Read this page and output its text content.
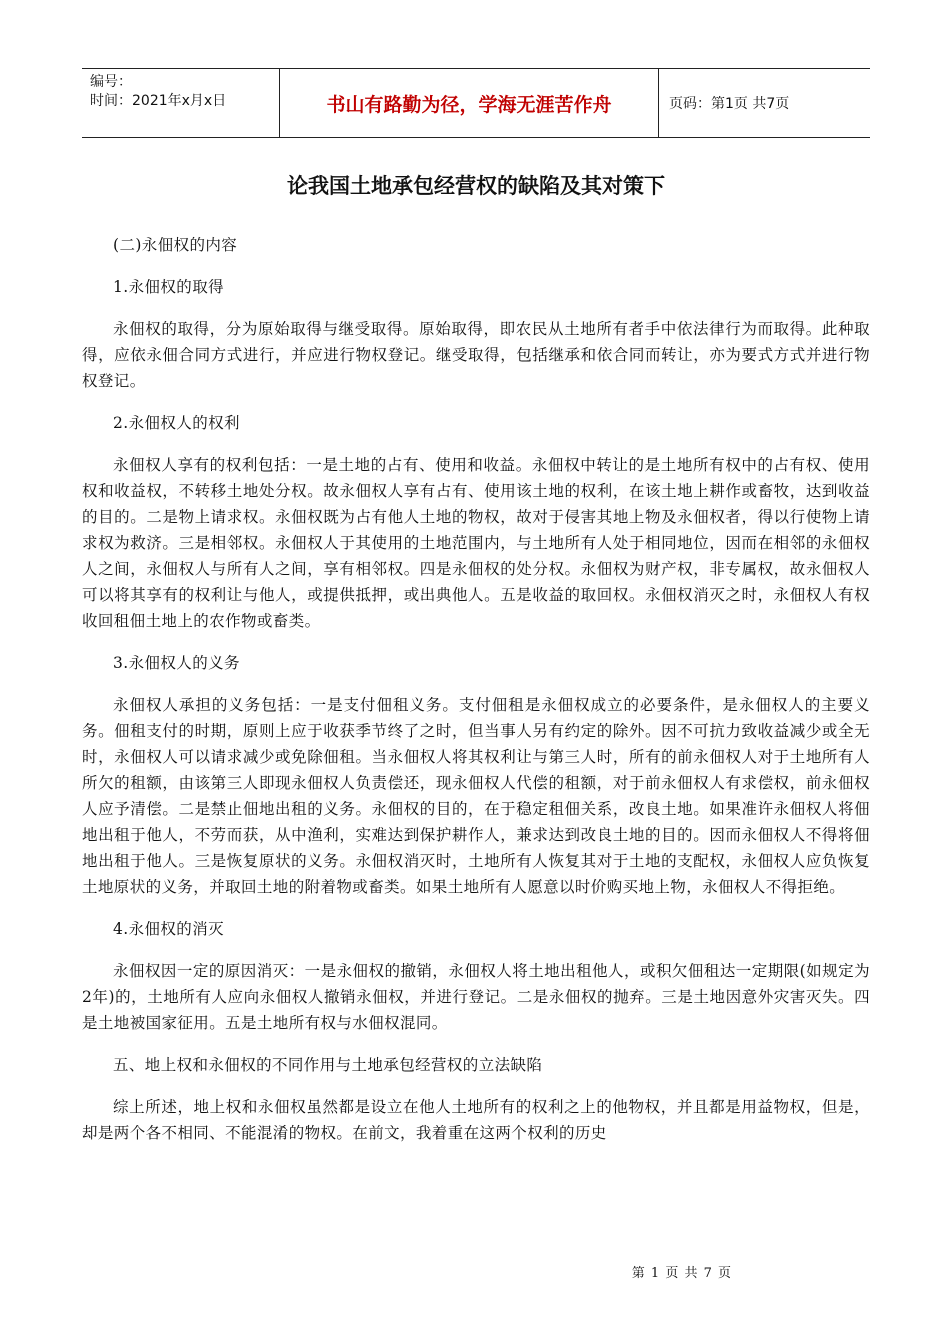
编号：
时间：2021年x月x日	书山有路勤为径，学海无涯苦作舟	页码：第1页 共7页
论我国土地承包经营权的缺陷及其对策下

(二)永佃权的内容

1.永佃权的取得

永佃权的取得，分为原始取得与继受取得。原始取得，即农民从土地所有者手中依法律行为而取得。此种取得，应依永佃合同方式进行，并应进行物权登记。继受取得，包括继承和依合同而转让，亦为要式方式并进行物权登记。

2.永佃权人的权利

永佃权人享有的权利包括：一是土地的占有、使用和收益。永佃权中转让的是土地所有权中的占有权、使用权和收益权，不转移土地处分权。故永佃权人享有占有、使用该土地的权利，在该土地上耕作或畜牧，达到收益的目的。二是物上请求权。永佃权既为占有他人土地的物权，故对于侵害其地上物及永佃权者，得以行使物上请求权为救济。三是相邻权。永佃权人于其使用的土地范围内，与土地所有人处于相同地位，因而在相邻的永佃权人之间，永佃权人与所有人之间，享有相邻权。四是永佃权的处分权。永佃权为财产权，非专属权，故永佃权人可以将其享有的权利让与他人，或提供抵押，或出典他人。五是收益的取回权。永佃权消灭之时，永佃权人有权收回租佃土地上的农作物或畜类。

3.永佃权人的义务

永佃权人承担的义务包括：一是支付佃租义务。支付佃租是永佃权成立的必要条件，是永佃权人的主要义务。佃租支付的时期，原则上应于收获季节终了之时，但当事人另有约定的除外。因不可抗力致收益减少或全无时，永佃权人可以请求减少或免除佃租。当永佃权人将其权利让与第三人时，所有的前永佃权人对于土地所有人所欠的租额，由该第三人即现永佃权人负责偿还，现永佃权人代偿的租额，对于前永佃权人有求偿权，前永佃权人应予清偿。二是禁止佃地出租的义务。永佃权的目的，在于稳定租佃关系，改良土地。如果准许永佃权人将佃地出租于他人，不劳而获，从中渔利，实难达到保护耕作人，兼求达到改良土地的目的。因而永佃权人不得将佃地出租于他人。三是恢复原状的义务。永佃权消灭时，土地所有人恢复其对于土地的支配权，永佃权人应负恢复土地原状的义务，并取回土地的附着物或畜类。如果土地所有人愿意以时价购买地上物，永佃权人不得拒绝。

4.永佃权的消灭

永佃权因一定的原因消灭：一是永佃权的撤销，永佃权人将土地出租他人，或积欠佃租达一定期限(如规定为2年)的，土地所有人应向永佃权人撤销永佃权，并进行登记。二是永佃权的抛弃。三是土地因意外灾害灭失。四是土地被国家征用。五是土地所有权与水佃权混同。

五、地上权和永佃权的不同作用与土地承包经营权的立法缺陷

综上所述，地上权和永佃权虽然都是设立在他人土地所有的权利之上的他物权，并且都是用益物权，但是，却是两个各不相同、不能混淆的物权。在前文，我着重在这两个权利的历史

第 1 页 共 7 页
